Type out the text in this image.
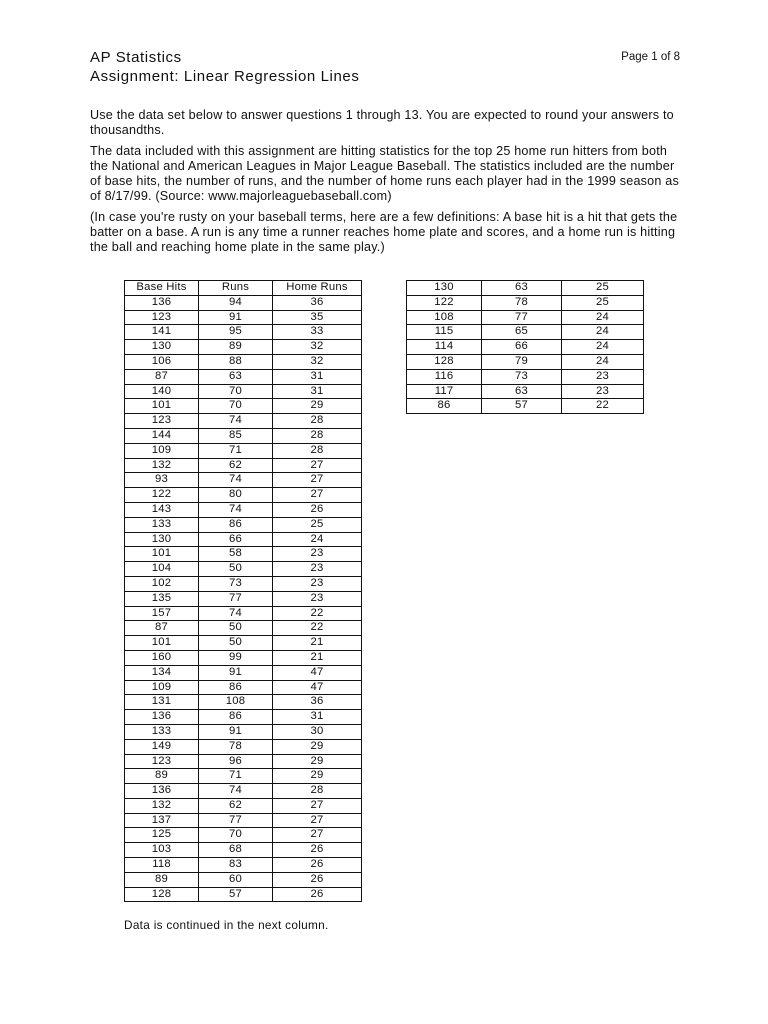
AP Statistics
Assignment: Linear Regression Lines
Page 1 of 8

Use the data set below to answer questions 1 through 13. You are expected to round your answers to thousandths.

The data included with this assignment are hitting statistics for the top 25 home run hitters from both the National and American Leagues in Major League Baseball. The statistics included are the number of base hits, the number of runs, and the number of home runs each player had in the 1999 season as of 8/17/99. (Source: www.majorleaguebaseball.com)

(In case you're rusty on your baseball terms, here are a few definitions: A base hit is a hit that gets the batter on a base. A run is any time a runner reaches home plate and scores, and a home run is hitting the ball and reaching home plate in the same play.)

Base Hits	Runs	Home Runs
136	94	36
123	91	35
141	95	33
130	89	32
106	88	32
87	63	31
140	70	31
101	70	29
123	74	28
144	85	28
109	71	28
132	62	27
93	74	27
122	80	27
143	74	26
133	86	25
130	66	24
101	58	23
104	50	23
102	73	23
135	77	23
157	74	22
87	50	22
101	50	21
160	99	21
134	91	47
109	86	47
131	108	36
136	86	31
133	91	30
149	78	29
123	96	29
89	71	29
136	74	28
132	62	27
137	77	27
125	70	27
103	68	26
118	83	26
89	60	26
128	57	26
130	63	25
122	78	25
108	77	24
115	65	24
114	66	24
128	79	24
116	73	23
117	63	23
86	57	22
Data is continued in the next column.
